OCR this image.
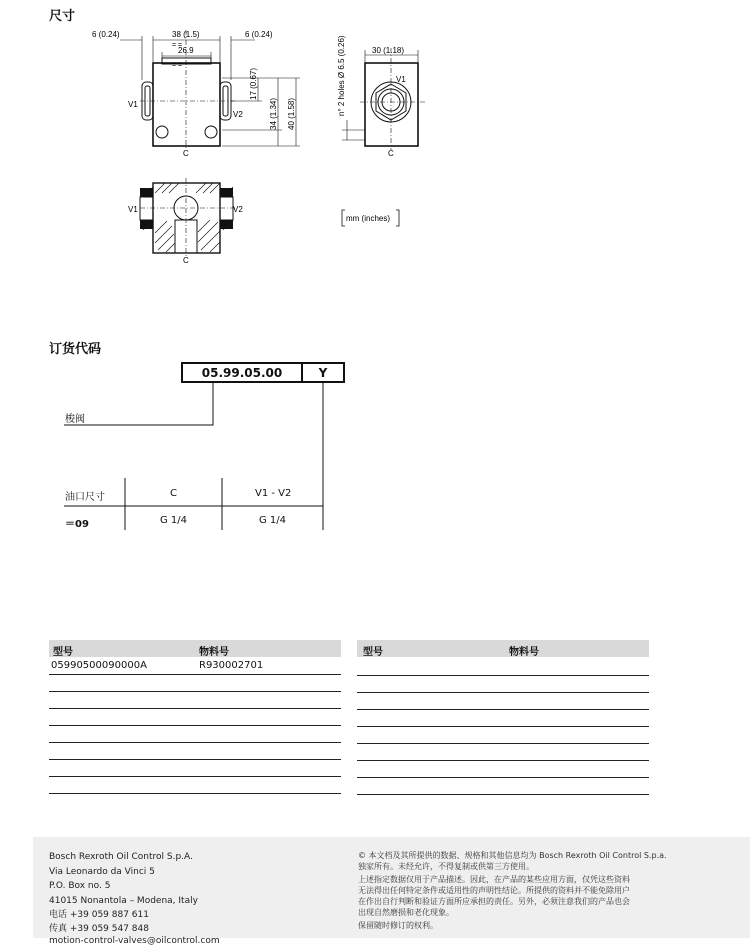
尺寸
订货代码
6 (0.24)	38 (1.5)	6 (0.24)
26.9
= =
= =
17 (0.67)
34 (1.34) 40 (1.58)
V1
V2
C
V1	V2
C
n° 2 holes Ø 6.5 (0.26)	30 (1.18)
V1
C
mm (inches)
05.99.05.00	Y
梭阀
油口尺寸	C	V1 - V2
＝09	G 1/4	G 1/4
型号	物料号
05990500090000A	R930002701
型号	物料号
Bosch Rexroth Oil Control S.p.A.
Via Leonardo da Vinci 5
P.O. Box no. 5
41015 Nonantola – Modena, Italy
电话 +39 059 887 611
传真 +39 059 547 848
motion-control-valves@oilcontrol.com
© 本文档及其所提供的数据、规格和其他信息均为 Bosch Rexroth Oil Control S.p.a.
独家所有。未经允许，不得复制或供第三方使用。
上述指定数据仅用于产品描述。因此，在产品的某些应用方面，仅凭这些资料
无法得出任何特定条件或适用性的声明性结论。所提供的资料并不能免除用户
在作出自行判断和验证方面所应承担的责任。另外，必须注意我们的产品也会
出现自然磨损和老化现象。
保留随时修订的权利。
